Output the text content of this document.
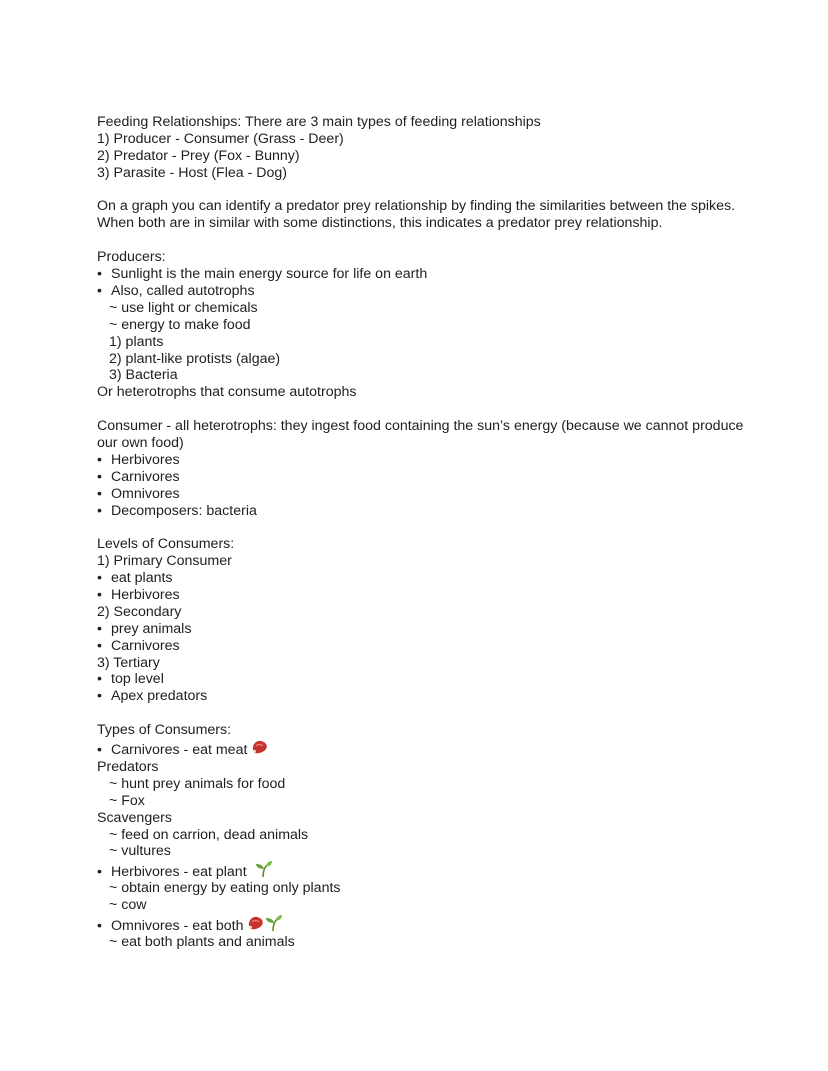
Feeding Relationships: There are 3 main types of feeding relationships
1) Producer - Consumer (Grass - Deer)
2) Predator - Prey (Fox - Bunny)
3) Parasite - Host (Flea - Dog)
On a graph you can identify a predator prey relationship by finding the similarities between the spikes. When both are in similar with some distinctions, this indicates a predator prey relationship.
Producers:
• Sunlight is the main energy source for life on earth
• Also, called autotrophs
~ use light or chemicals
~ energy to make food
1) plants
2) plant-like protists (algae)
3) Bacteria
Or heterotrophs that consume autotrophs
Consumer - all heterotrophs: they ingest food containing the sun’s energy (because we cannot produce our own food)
• Herbivores
• Carnivores
• Omnivores
• Decomposers: bacteria
Levels of Consumers:
1) Primary Consumer
• eat plants
• Herbivores
2) Secondary
• prey animals
• Carnivores
3) Tertiary
• top level
• Apex predators
Types of Consumers:
• Carnivores - eat meat
Predators
~ hunt prey animals for food
~ Fox
Scavengers
~ feed on carrion, dead animals
~ vultures
• Herbivores - eat plant
~ obtain energy by eating only plants
~ cow
• Omnivores - eat both
~ eat both plants and animals
